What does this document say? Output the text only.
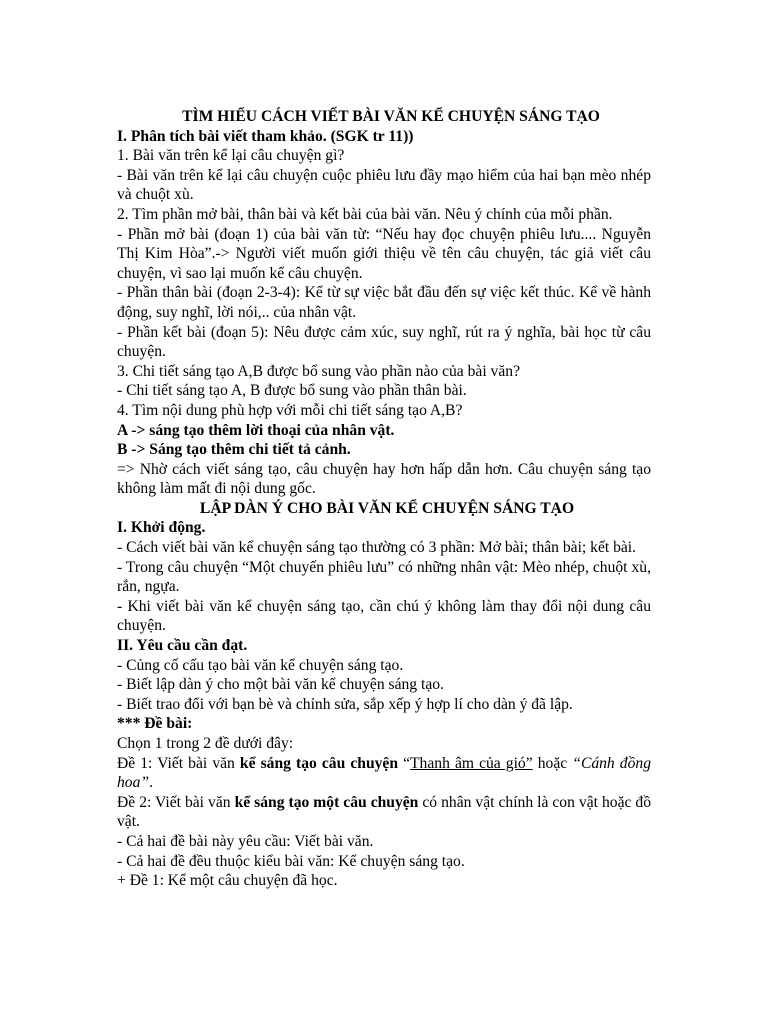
TÌM HIỂU CÁCH VIẾT BÀI VĂN KỂ CHUYỆN SÁNG TẠO

I. Phân tích bài viết tham khảo. (SGK tr 11))

1. Bài văn trên kể lại câu chuyện gì?

- Bài văn trên kể lại câu chuyện cuộc phiêu lưu đầy mạo hiểm của hai bạn mèo nhép và chuột xù.

2. Tìm phần mở bài, thân bài và kết bài của bài văn. Nêu ý chính của mỗi phần.

- Phần mở bài (đoạn 1) của bài văn từ: “Nếu hay đọc chuyện phiêu lưu.... Nguyễn Thị Kim Hòa”.-> Người viết muốn giới thiệu về tên câu chuyện, tác giả viết câu chuyện, vì sao lại muốn kể câu chuyện.

- Phần thân bài (đoạn 2-3-4): Kể từ sự việc bắt đầu đến sự việc kết thúc. Kể về hành động, suy nghĩ, lời nói,.. của nhân vật.

- Phần kết bài (đoạn 5): Nêu được cảm xúc, suy nghĩ, rút ra ý nghĩa, bài học từ câu chuyện.

3. Chi tiết sáng tạo A,B được bổ sung vào phần nào của bài văn?

- Chi tiết sáng tạo A, B được bổ sung vào phần thân bài.

4. Tìm nội dung phù hợp với mỗi chi tiết sáng tạo A,B?

A -> sáng tạo thêm lời thoại của nhân vật.

B -> Sáng tạo thêm chi tiết tả cảnh.

=> Nhờ cách viết sáng tạo, câu chuyện hay hơn hấp dẫn hơn. Câu chuyện sáng tạo không làm mất đi nội dung gốc.

LẬP DÀN Ý CHO BÀI VĂN KỂ CHUYỆN SÁNG TẠO

I. Khởi động.

- Cách viết bài văn kể chuyện sáng tạo thường có 3 phần: Mở bài; thân bài; kết bài.

- Trong câu chuyện “Một chuyến phiêu lưu” có những nhân vật: Mèo nhép, chuột xù, rắn, ngựa.

- Khi viết bài văn kể chuyện sáng tạo, cần chú ý không làm thay đổi nội dung câu chuyện.

II. Yêu cầu cần đạt.

- Củng cố cấu tạo bài văn kể chuyện sáng tạo.

- Biết lập dàn ý cho một bài văn kể chuyện sáng tạo.

- Biết trao đổi với bạn bè và chỉnh sửa, sắp xếp ý hợp lí cho dàn ý đã lập.

*** Đề bài:

Chọn 1 trong 2 đề dưới đây:

Đề 1: Viết bài văn kể sáng tạo câu chuyện “Thanh âm của gió” hoặc “Cánh đồng hoa”.

Đề 2: Viết bài văn kể sáng tạo một câu chuyện có nhân vật chính là con vật hoặc đồ vật.

- Cả hai đề bài này yêu cầu: Viết bài văn.

- Cả hai đề đều thuộc kiểu bài văn: Kể chuyện sáng tạo.

+ Đề 1: Kể một câu chuyện đã học.
